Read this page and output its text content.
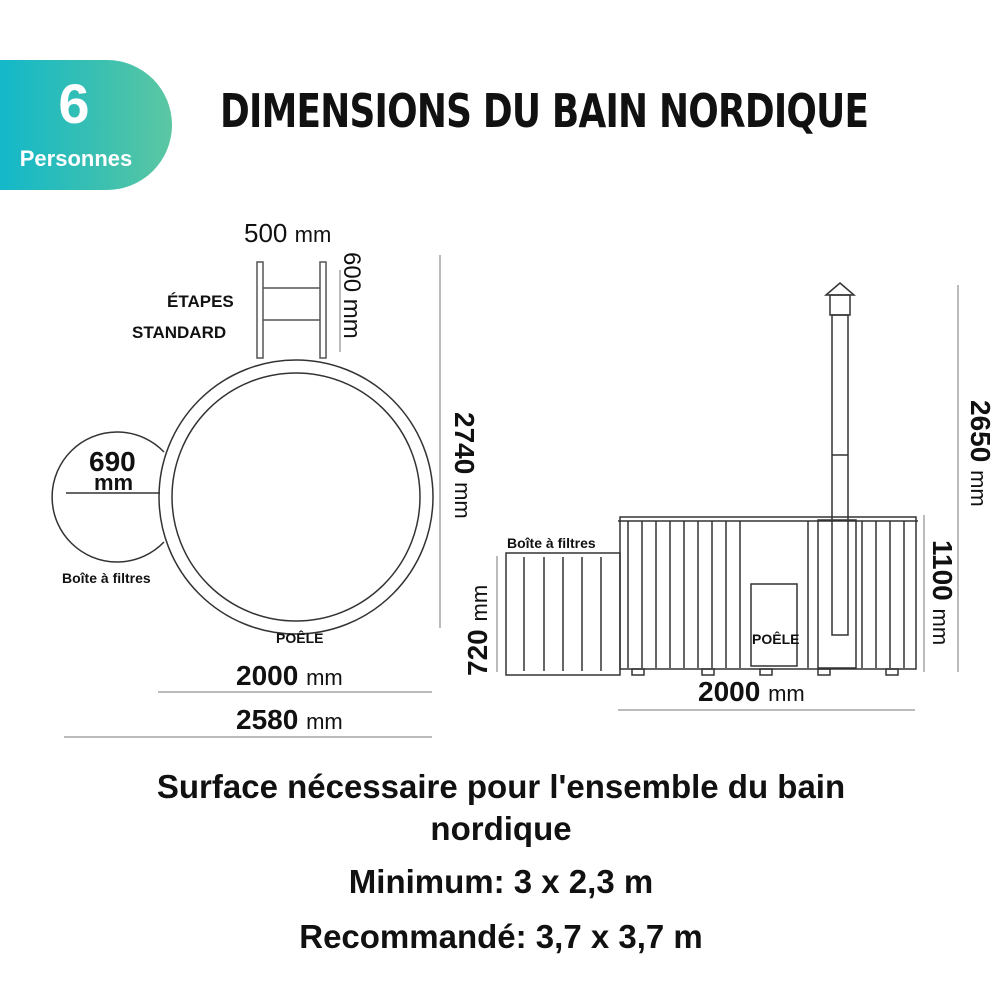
6
Personnes
DIMENSIONS DU BAIN NORDIQUE
500 mm
600 mm
ÉTAPES
STANDARD
2740 mm
690
mm
Boîte à filtres
POÊLE
2000 mm
2580 mm
Boîte à filtres
720 mm
POÊLE
1100 mm
2650 mm
2000 mm
Surface nécessaire pour l'ensemble du bain
nordique
Minimum: 3 x 2,3 m
Recommandé: 3,7 x 3,7 m
